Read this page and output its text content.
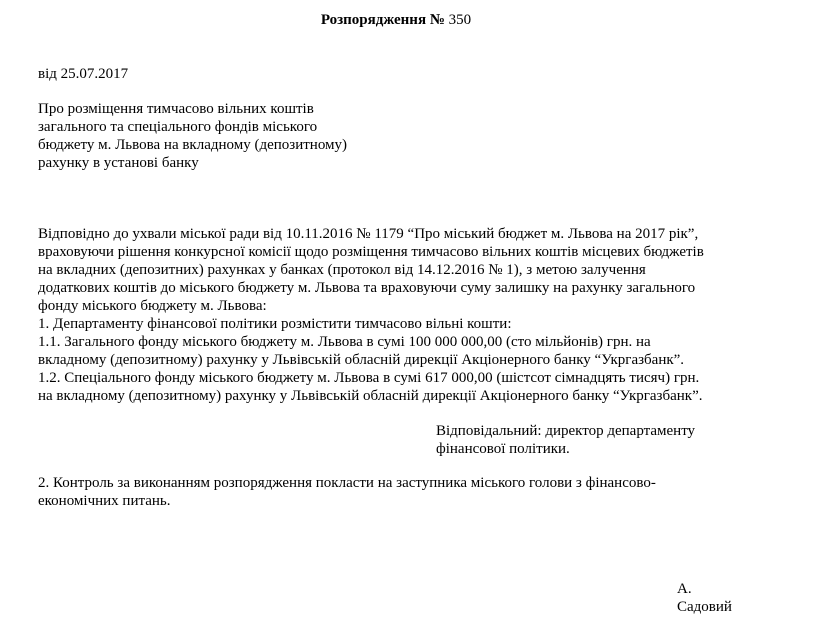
Розпорядження № 350
від 25.07.2017
Про розміщення тимчасово вільних коштів
загального та спеціального фондів міського
бюджету м. Львова на вкладному (депозитному)
рахунку в установі банку
Відповідно до ухвали міської ради від 10.11.2016 № 1179 “Про міський бюджет м. Львова на 2017 рік”,
враховуючи рішення конкурсної комісії щодо розміщення тимчасово вільних коштів місцевих бюджетів
на вкладних (депозитних) рахунках у банках (протокол від 14.12.2016 № 1), з метою залучення
додаткових коштів до міського бюджету м. Львова та враховуючи суму залишку на рахунку загального
фонду міського бюджету м. Львова:
1. Департаменту фінансової політики розмістити тимчасово вільні кошти:
1.1. Загального фонду міського бюджету м. Львова в сумі 100 000 000,00 (сто мільйонів) грн. на
вкладному (депозитному) рахунку у Львівській обласній дирекції Акціонерного банку “Укргазбанк”.
1.2. Спеціального фонду міського бюджету м. Львова в сумі 617 000,00 (шістсот сімнадцять тисяч) грн.
на вкладному (депозитному) рахунку у Львівській обласній дирекції Акціонерного банку “Укргазбанк”.
Відповідальний: директор департаменту
фінансової політики.
2. Контроль за виконанням розпорядження покласти на заступника міського голови з фінансово-
економічних питань.
А.
Садовий
